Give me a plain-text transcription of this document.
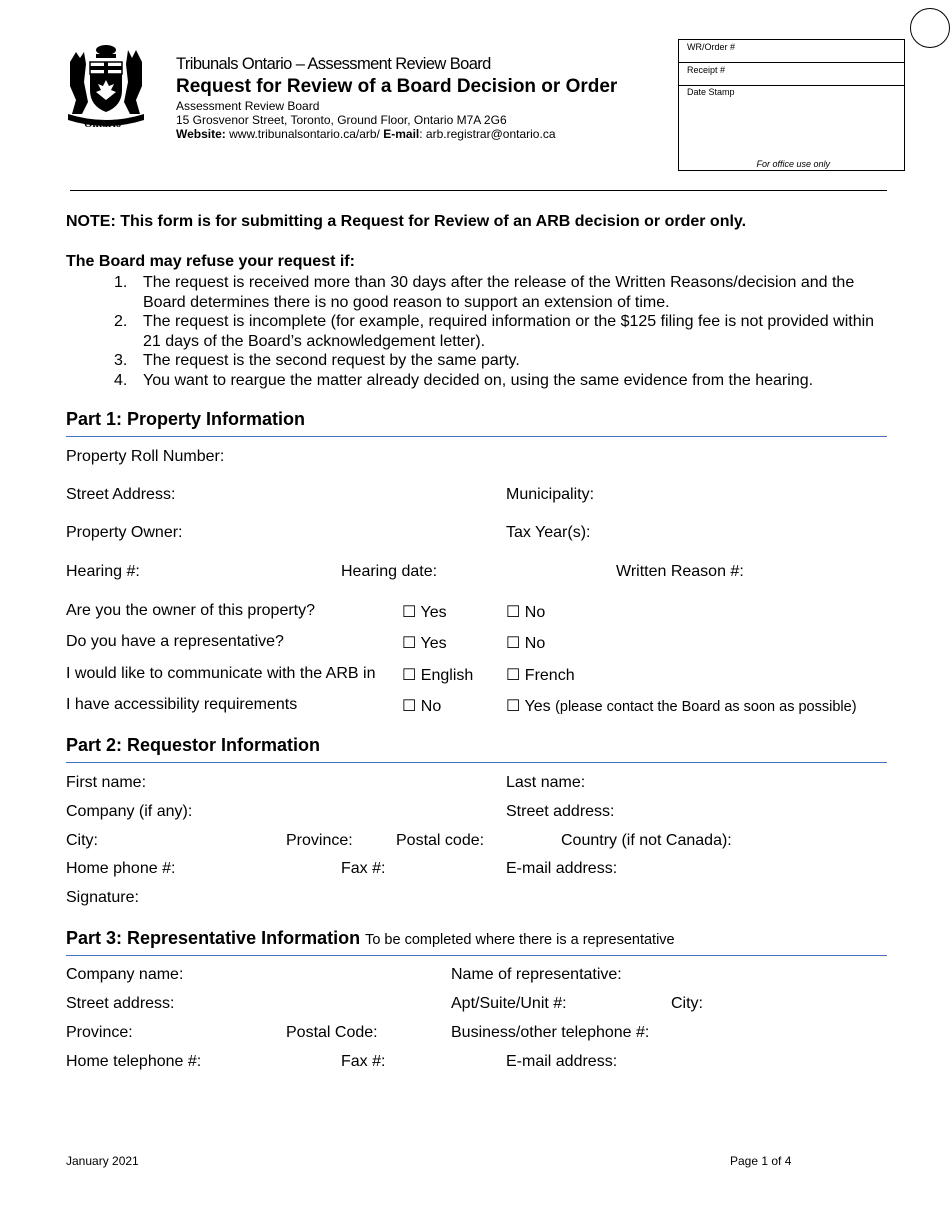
Ontario
Tribunals Ontario – Assessment Review Board
Request for Review of a Board Decision or Order
Assessment Review Board
15 Grosvenor Street, Toronto, Ground Floor, Ontario M7A 2G6
Website: www.tribunalsontario.ca/arb/ E-mail: arb.registrar@ontario.ca
WR/Order #
Receipt #
Date Stamp
For office use only
NOTE: This form is for submitting a Request for Review of an ARB decision or order only.
The Board may refuse your request if:
1. The request is received more than 30 days after the release of the Written Reasons/decision and the Board determines there is no good reason to support an extension of time.
2. The request is incomplete (for example, required information or the $125 filing fee is not provided within 21 days of the Board’s acknowledgement letter).
3. The request is the second request by the same party.
4. You want to reargue the matter already decided on, using the same evidence from the hearing.
Part 1: Property Information
Property Roll Number:
Street Address:	Municipality:
Property Owner:	Tax Year(s):
Hearing #:	Hearing date:	Written Reason #:
Are you the owner of this property?	☐ Yes	☐ No
Do you have a representative?	☐ Yes	☐ No
I would like to communicate with the ARB in ☐ English ☐ French
I have accessibility requirements	☐ No	☐ Yes (please contact the Board as soon as possible)
Part 2: Requestor Information
First name:	Last name:
Company (if any):	Street address:
City:	Province:	Postal code:	Country (if not Canada):
Home phone #:	Fax #:	E-mail address:
Signature:
Part 3: Representative Information To be completed where there is a representative
Company name:	Name of representative:
Street address:	Apt/Suite/Unit #:	City:
Province:	Postal Code:	Business/other telephone #:
Home telephone #:	Fax #:	E-mail address:
January 2021	Page 1 of 4
